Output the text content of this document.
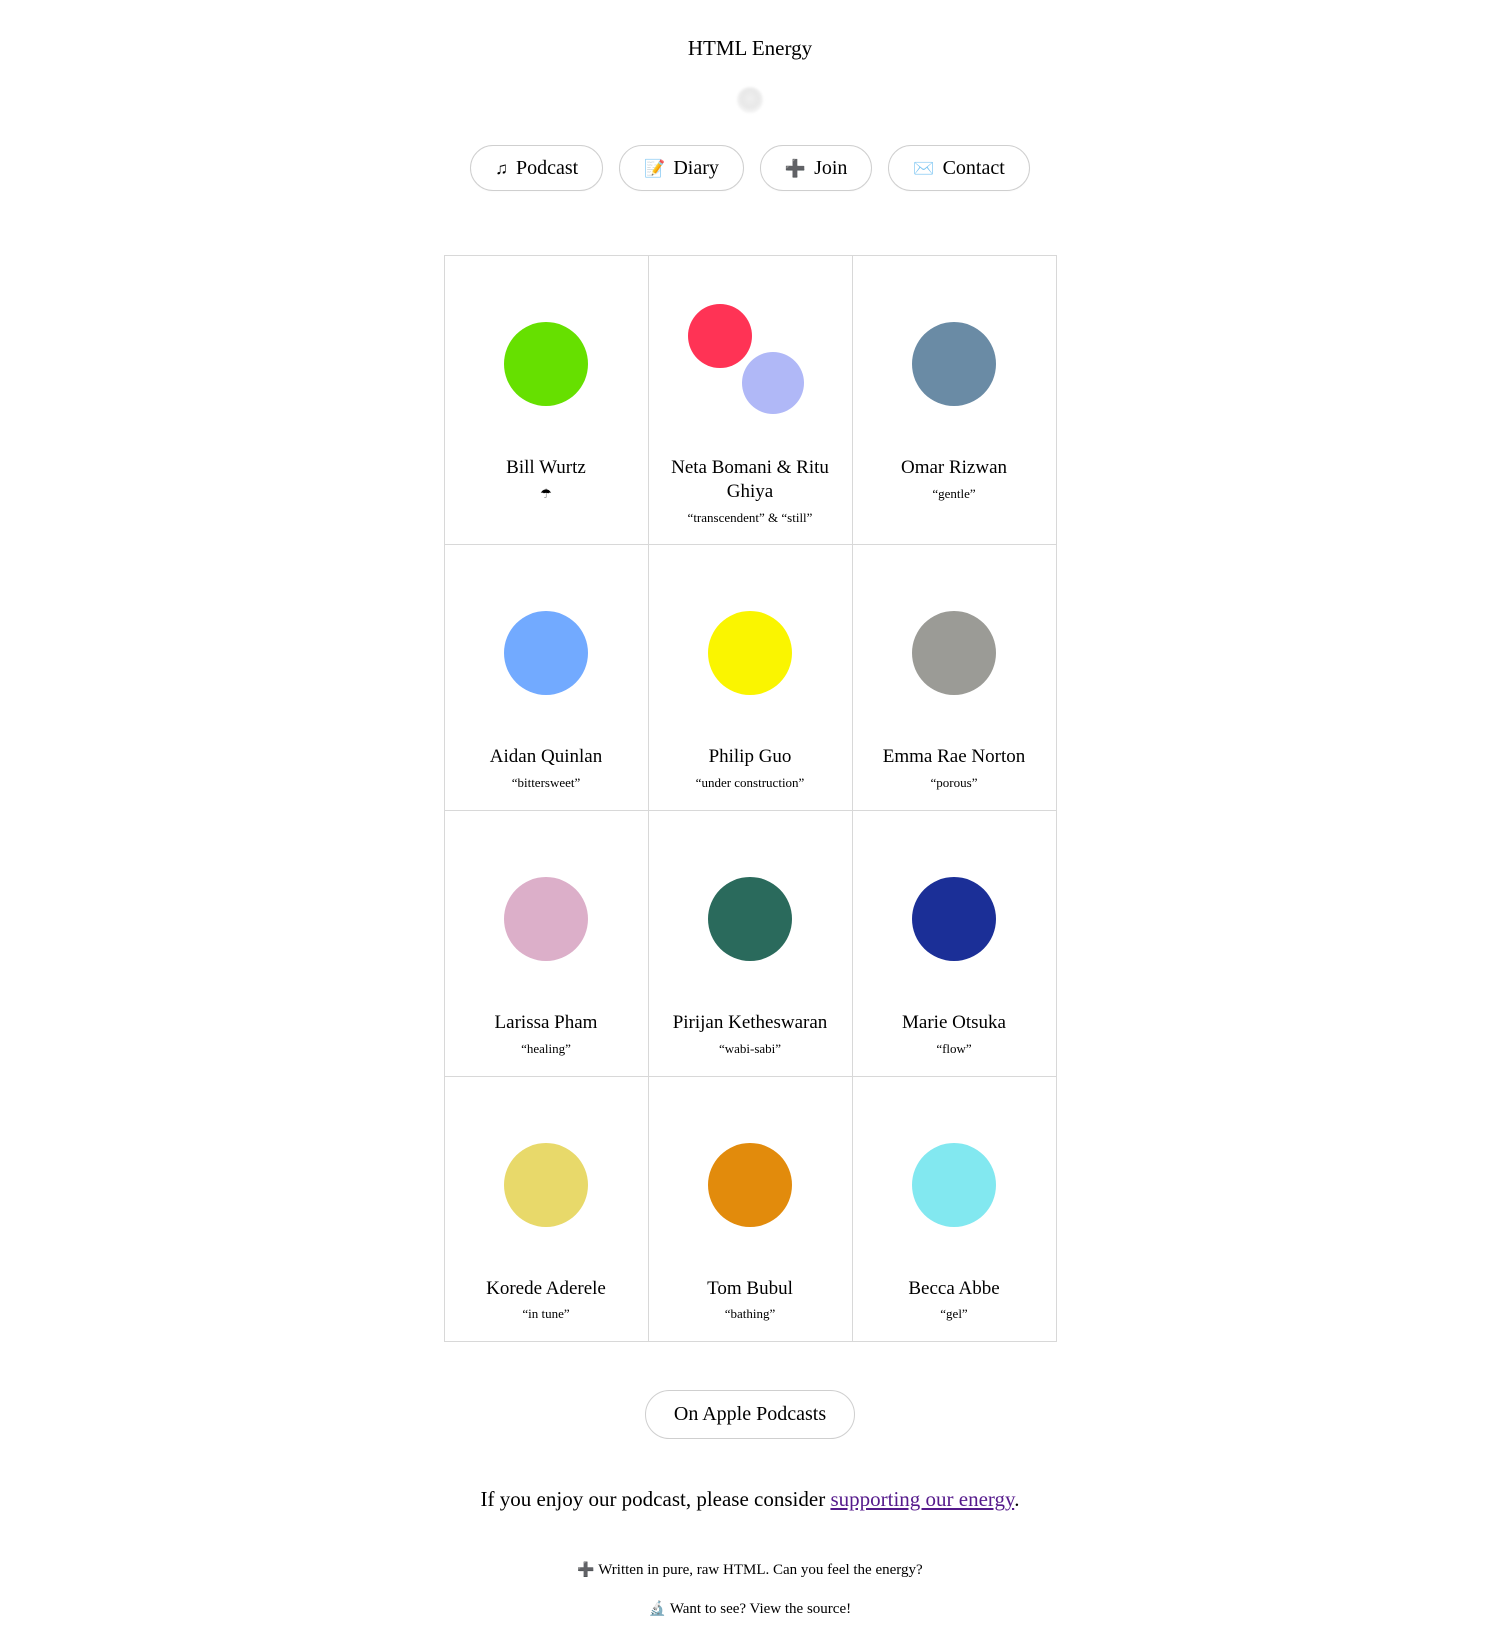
HTML Energy
♫ Podcast	📝 Diary	➕ Join	✉️ Contact
Bill Wurtz
☂
Neta Bomani & Ritu Ghiya
“transcendent” & “still”
Omar Rizwan
“gentle”
Aidan Quinlan
“bittersweet”
Philip Guo
“under construction”
Emma Rae Norton
“porous”
Larissa Pham
“healing”
Pirijan Ketheswaran
“wabi-sabi”
Marie Otsuka
“flow”
Korede Aderele
“in tune”
Tom Bubul
“bathing”
Becca Abbe
“gel”
On Apple Podcasts
If you enjoy our podcast, please consider supporting our energy.
➕ Written in pure, raw HTML. Can you feel the energy?
🔬 Want to see? View the source!
